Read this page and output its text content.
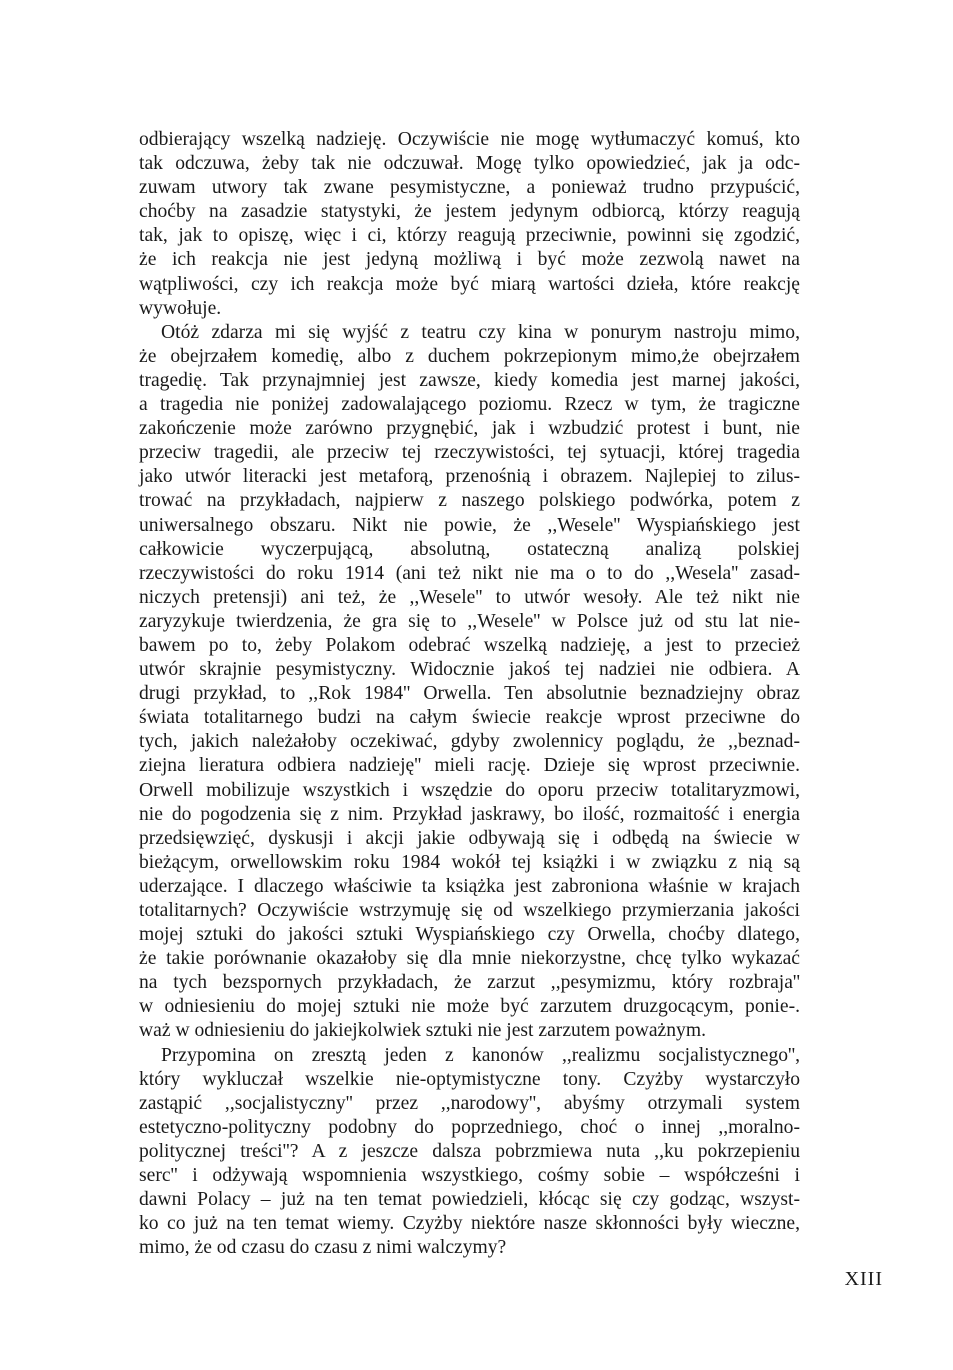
odbierający wszelką nadzieję. Oczywiście nie mogę wytłumaczyć komuś, kto
tak odczuwa, żeby tak nie odczuwał. Mogę tylko opowiedzieć, jak ja odc-
zuwam utwory tak zwane pesymistyczne, a ponieważ trudno przypuścić,
choćby na zasadzie statystyki, że jestem jedynym odbiorcą, którzy reagują
tak, jak to opiszę, więc i ci, którzy reagują przeciwnie, powinni się zgodzić,
że ich reakcja nie jest jedyną możliwą i być może zezwolą nawet na
wątpliwości, czy ich reakcja może być miarą wartości dzieła, które reakcję
wywołuje.

Otóż zdarza mi się wyjść z teatru czy kina w ponurym nastroju mimo,
że obejrzałem komedię, albo z duchem pokrzepionym mimo,że obejrzałem
tragedię. Tak przynajmniej jest zawsze, kiedy komedia jest marnej jakości,
a tragedia nie poniżej zadowalającego poziomu. Rzecz w tym, że tragiczne
zakończenie może zarówno przygnębić, jak i wzbudzić protest i bunt, nie
przeciw tragedii, ale przeciw tej rzeczywistości, tej sytuacji, której tragedia
jako utwór literacki jest metaforą, przenośnią i obrazem. Najlepiej to zilus-
trować na przykładach, najpierw z naszego polskiego podwórka, potem z
uniwersalnego obszaru. Nikt nie powie, że ,,Wesele'' Wyspiańskiego jest
całkowicie wyczerpującą, absolutną, ostateczną analizą polskiej
rzeczywistości do roku 1914 (ani też nikt nie ma o to do ,,Wesela'' zasad-
niczych pretensji) ani też, że ,,Wesele'' to utwór wesoły. Ale też nikt nie
zaryzykuje twierdzenia, że gra się to ,,Wesele'' w Polsce już od stu lat nie-
bawem po to, żeby Polakom odebrać wszelką nadzieję, a jest to przecież
utwór skrajnie pesymistyczny. Widocznie jakoś tej nadziei nie odbiera. A
drugi przykład, to ,,Rok 1984'' Orwella. Ten absolutnie beznadziejny obraz
świata totalitarnego budzi na całym świecie reakcje wprost przeciwne do
tych, jakich należałoby oczekiwać, gdyby zwolennicy poglądu, że ,,beznad-
ziejna lieratura odbiera nadzieję'' mieli rację. Dzieje się wprost przeciwnie.
Orwell mobilizuje wszystkich i wszędzie do oporu przeciw totalitaryzmowi,
nie do pogodzenia się z nim. Przykład jaskrawy, bo ilość, rozmaitość i energia
przedsięwzięć, dyskusji i akcji jakie odbywają się i odbędą na świecie w
bieżącym, orwellowskim roku 1984 wokół tej książki i w związku z nią są
uderzające. I dlaczego właściwie ta książka jest zabroniona właśnie w krajach
totalitarnych? Oczywiście wstrzymuję się od wszelkiego przymierzania jakości
mojej sztuki do jakości sztuki Wyspiańskiego czy Orwella, choćby dlatego,
że takie porównanie okazałoby się dla mnie niekorzystne, chcę tylko wykazać
na tych bezspornych przykładach, że zarzut ,,pesymizmu, który rozbraja''
w odniesieniu do mojej sztuki nie może być zarzutem druzgocącym, ponie-.
waż w odniesieniu do jakiejkolwiek sztuki nie jest zarzutem poważnym.

Przypomina on zresztą jeden z kanonów ,,realizmu socjalistycznego'',
który wykluczał wszelkie nie-optymistyczne tony. Czyżby wystarczyło
zastąpić ,,socjalistyczny'' przez ,,narodowy'', abyśmy otrzymali system
estetyczno-polityczny podobny do poprzedniego, choć o innej ,,moralno-
politycznej treści''? A z jeszcze dalsza pobrzmiewa nuta ,,ku pokrzepieniu
serc'' i odżywają wspomnienia wszystkiego, cośmy sobie – współcześni i
dawni Polacy – już na ten temat powiedzieli, kłócąc się czy godząc, wszyst-
ko co już na ten temat wiemy. Czyżby niektóre nasze skłonności były wieczne,
mimo, że od czasu do czasu z nimi walczymy?

XIII
